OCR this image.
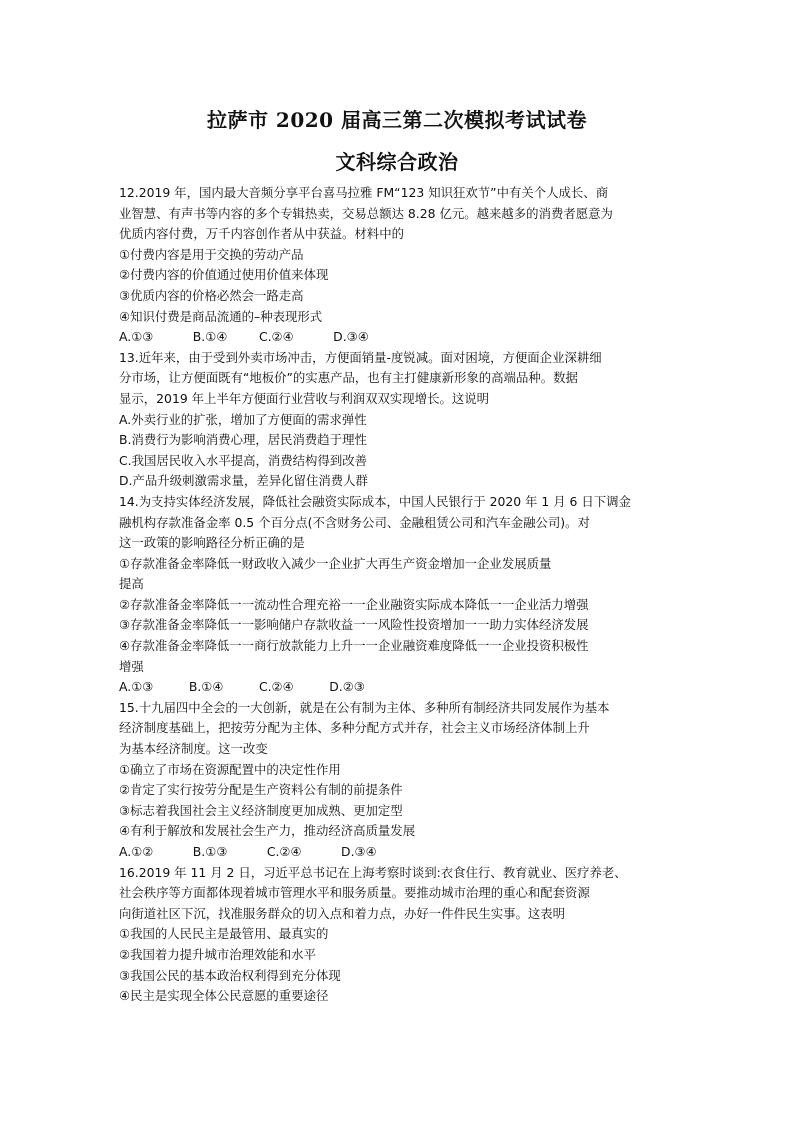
拉萨市 2020 届高三第二次模拟考试试卷
文科综合政治
12.2019 年，国内最大音频分享平台喜马拉雅 FM“123 知识狂欢节”中有关个人成长、商
业智慧、有声书等内容的多个专辑热卖，交易总额达 8.28 亿元。越来越多的消费者愿意为
优质内容付费，万千内容创作者从中获益。材料中的
①付费内容是用于交换的劳动产品
②付费内容的价值通过使用价值来体现
③优质内容的价格必然会一路走高
④知识付费是商品流通的–种表现形式
A.①③          B.①④        C.②④          D.③④
13.近年来，由于受到外卖市场冲击，方便面销量-度锐减。面对困境，方便面企业深耕细
分市场，让方便面既有“地板价”的实惠产品，也有主打健康新形象的高端品种。数据
显示，2019 年上半年方便面行业营收与利润双双实现增长。这说明
A.外卖行业的扩张，增加了方便面的需求弹性
B.消费行为影响消费心理，居民消费趋于理性
C.我国居民收入水平提高，消费结构得到改善
D.产品升级刺激需求量，差异化留住消费人群
14.为支持实体经济发展，降低社会融资实际成本，中国人民银行于 2020 年 1 月 6 日下调金
融机构存款准备金率 0.5 个百分点(不含财务公司、金融租赁公司和汽车金融公司)。对
这一政策的影响路径分析正确的是
①存款准备金率降低一财政收入减少一企业扩大再生产资金增加一企业发展质量
提高
②存款准备金率降低一一流动性合理充裕一一企业融资实际成本降低一一企业活力增强
③存款准备金率降低一一影响储户存款收益一一风险性投资增加一一助力实体经济发展
④存款准备金率降低一一商行放款能力上升一一企业融资难度降低一一企业投资积极性
增强
A.①③         B.①④         C.②④         D.②③
15.十九届四中全会的一大创新，就是在公有制为主体、多种所有制经济共同发展作为基本
经济制度基础上，把按劳分配为主体、多种分配方式并存，社会主义市场经济体制上升
为基本经济制度。这一改变
①确立了市场在资源配置中的决定性作用
②肯定了实行按劳分配是生产资料公有制的前提条件
③标志着我国社会主义经济制度更加成熟、更加定型
④有利于解放和发展社会生产力，推动经济高质量发展
A.①②          B.①③          C.②④          D.③④
16.2019 年 11 月 2 日，习近平总书记在上海考察时谈到:衣食住行、教育就业、医疗养老、
社会秩序等方面都体现着城市管理水平和服务质量。要推动城市治理的重心和配套资源
向街道社区下沉，找准服务群众的切入点和着力点，办好一件件民生实事。这表明
①我国的人民民主是最管用、最真实的
②我国着力提升城市治理效能和水平
③我国公民的基本政治权利得到充分体现
④民主是实现全体公民意愿的重要途径
